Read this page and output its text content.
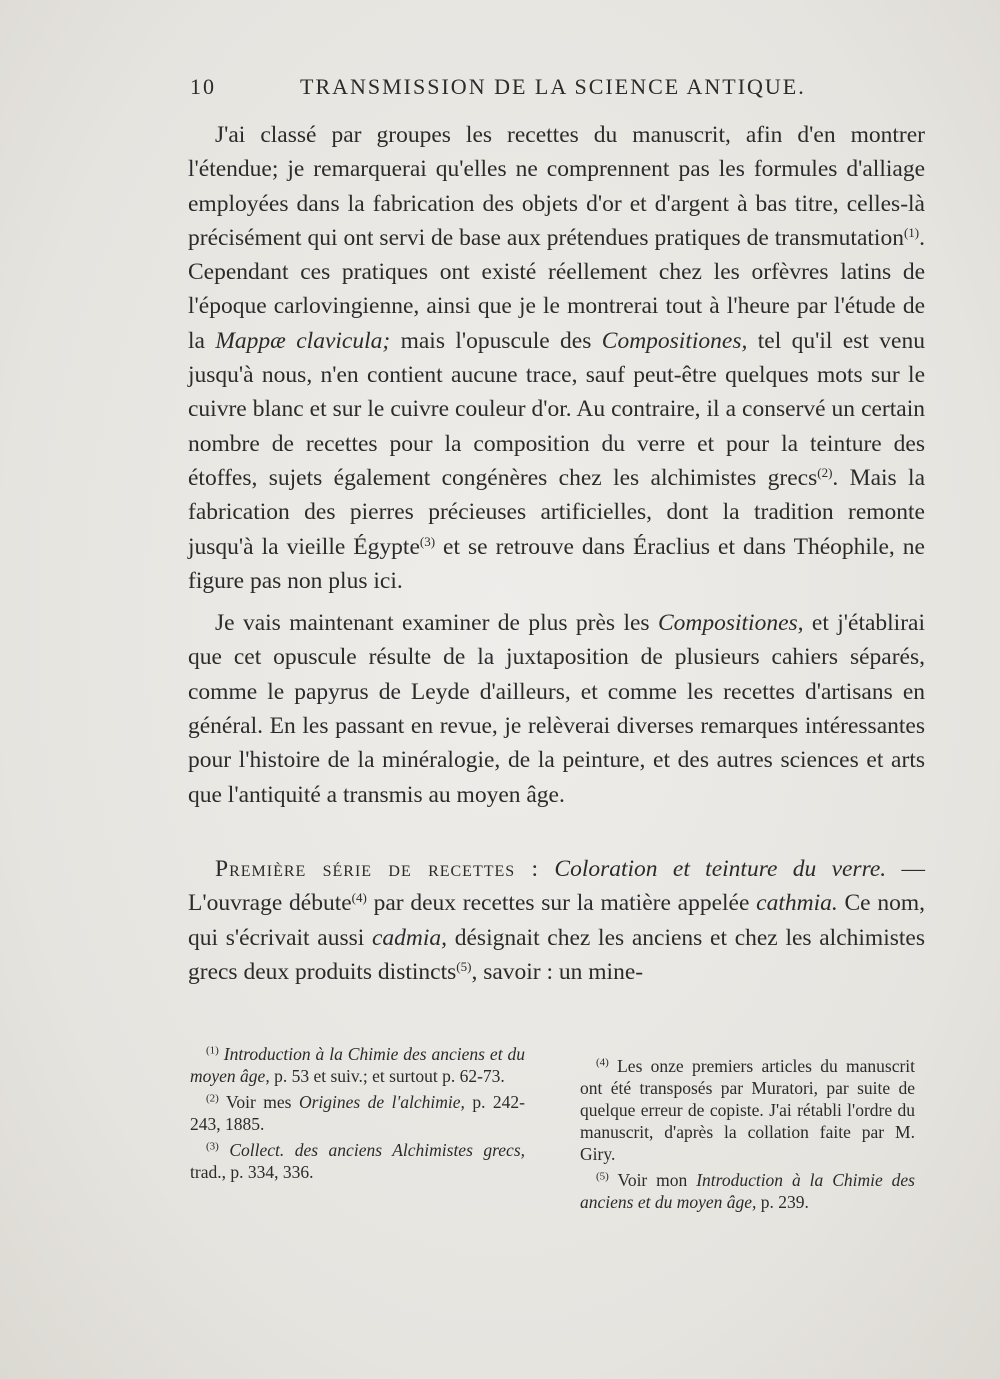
10	TRANSMISSION DE LA SCIENCE ANTIQUE.

J'ai classé par groupes les recettes du manuscrit, afin d'en montrer l'étendue; je remarquerai qu'elles ne comprennent pas les formules d'alliage employées dans la fabrication des objets d'or et d'argent à bas titre, celles-là précisément qui ont servi de base aux prétendues pratiques de transmutation$^{(1)}$. Cependant ces pratiques ont existé réellement chez les orfèvres latins de l'époque carlovingienne, ainsi que je le montrerai tout à l'heure par l'étude de la Mappæ clavicula; mais l'opuscule des Compositiones, tel qu'il est venu jusqu'à nous, n'en contient aucune trace, sauf peut-être quelques mots sur le cuivre blanc et sur le cuivre couleur d'or. Au contraire, il a conservé un certain nombre de recettes pour la composition du verre et pour la teinture des étoffes, sujets également congénères chez les alchimistes grecs$^{(2)}$. Mais la fabrication des pierres précieuses artificielles, dont la tradition remonte jusqu'à la vieille Égypte$^{(3)}$ et se retrouve dans Éraclius et dans Théophile, ne figure pas non plus ici.

Je vais maintenant examiner de plus près les Compositiones, et j'établirai que cet opuscule résulte de la juxtaposition de plusieurs cahiers séparés, comme le papyrus de Leyde d'ailleurs, et comme les recettes d'artisans en général. En les passant en revue, je relèverai diverses remarques intéressantes pour l'histoire de la minéralogie, de la peinture, et des autres sciences et arts que l'antiquité a transmis au moyen âge.

Première série de recettes : Coloration et teinture du verre. — L'ouvrage débute$^{(4)}$ par deux recettes sur la matière appelée cathmia. Ce nom, qui s'écrivait aussi cadmia, désignait chez les anciens et chez les alchimistes grecs deux produits distincts$^{(5)}$, savoir : un mine-

$^{(1)}$ Introduction à la Chimie des anciens et du moyen âge, p. 53 et suiv.; et surtout p. 62-73.

$^{(2)}$ Voir mes Origines de l'alchimie, p. 242-243, 1885.

$^{(3)}$ Collect. des anciens Alchimistes grecs, trad., p. 334, 336.

$^{(4)}$ Les onze premiers articles du manuscrit ont été transposés par Muratori, par suite de quelque erreur de copiste. J'ai rétabli l'ordre du manuscrit, d'après la collation faite par M. Giry.

$^{(5)}$ Voir mon Introduction à la Chimie des anciens et du moyen âge, p. 239.
